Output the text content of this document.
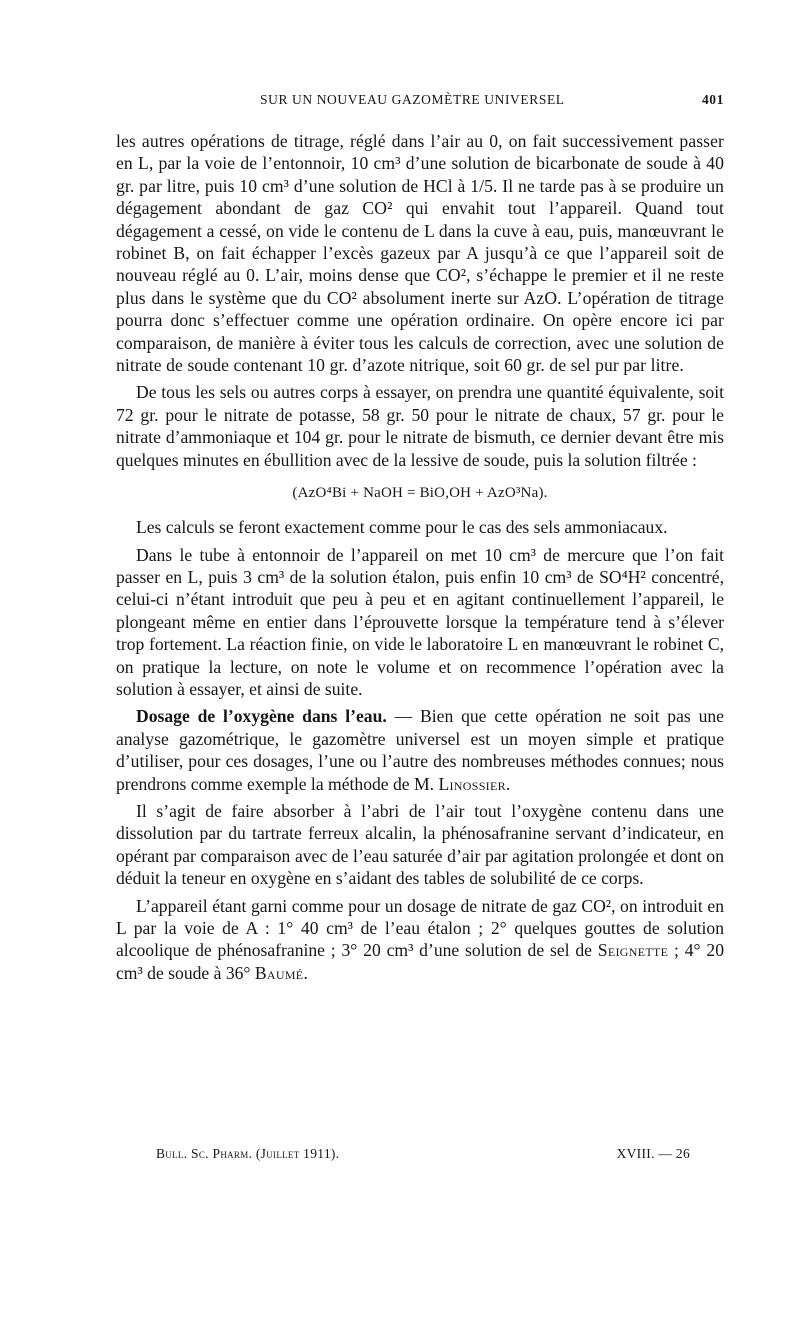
SUR UN NOUVEAU GAZOMÈTRE UNIVERSEL	401

les autres opérations de titrage, réglé dans l’air au 0, on fait successivement passer en L, par la voie de l’entonnoir, 10 cm³ d’une solution de bicarbonate de soude à 40 gr. par litre, puis 10 cm³ d’une solution de HCl à 1/5. Il ne tarde pas à se produire un dégagement abondant de gaz CO² qui envahit tout l’appareil. Quand tout dégagement a cessé, on vide le contenu de L dans la cuve à eau, puis, manœuvrant le robinet B, on fait échapper l’excès gazeux par A jusqu’à ce que l’appareil soit de nouveau réglé au 0. L’air, moins dense que CO², s’échappe le premier et il ne reste plus dans le système que du CO² absolument inerte sur AzO. L’opération de titrage pourra donc s’effectuer comme une opération ordinaire. On opère encore ici par comparaison, de manière à éviter tous les calculs de correction, avec une solution de nitrate de soude contenant 10 gr. d’azote nitrique, soit 60 gr. de sel pur par litre.

De tous les sels ou autres corps à essayer, on prendra une quantité équivalente, soit 72 gr. pour le nitrate de potasse, 58 gr. 50 pour le nitrate de chaux, 57 gr. pour le nitrate d’ammoniaque et 104 gr. pour le nitrate de bismuth, ce dernier devant être mis quelques minutes en ébullition avec de la lessive de soude, puis la solution filtrée :

(AzO⁴Bi + NaOH = BiO,OH + AzO³Na).

Les calculs se feront exactement comme pour le cas des sels ammoniacaux.

Dans le tube à entonnoir de l’appareil on met 10 cm³ de mercure que l’on fait passer en L, puis 3 cm³ de la solution étalon, puis enfin 10 cm³ de SO⁴H² concentré, celui-ci n’étant introduit que peu à peu et en agitant continuellement l’appareil, le plongeant même en entier dans l’éprouvette lorsque la température tend à s’élever trop fortement. La réaction finie, on vide le laboratoire L en manœuvrant le robinet C, on pratique la lecture, on note le volume et on recommence l’opération avec la solution à essayer, et ainsi de suite.

Dosage de l’oxygène dans l’eau. — Bien que cette opération ne soit pas une analyse gazométrique, le gazomètre universel est un moyen simple et pratique d’utiliser, pour ces dosages, l’une ou l’autre des nombreuses méthodes connues; nous prendrons comme exemple la méthode de M. Linossier.

Il s’agit de faire absorber à l’abri de l’air tout l’oxygène contenu dans une dissolution par du tartrate ferreux alcalin, la phénosafranine servant d’indicateur, en opérant par comparaison avec de l’eau saturée d’air par agitation prolongée et dont on déduit la teneur en oxygène en s’aidant des tables de solubilité de ce corps.

L’appareil étant garni comme pour un dosage de nitrate de gaz CO², on introduit en L par la voie de A : 1° 40 cm³ de l’eau étalon ; 2° quelques gouttes de solution alcoolique de phénosafranine ; 3° 20 cm³ d’une solution de sel de Seignette ; 4° 20 cm³ de soude à 36° Baumé.

Bull. Sc. Pharm. (Juillet 1911).	XVIII. — 26
